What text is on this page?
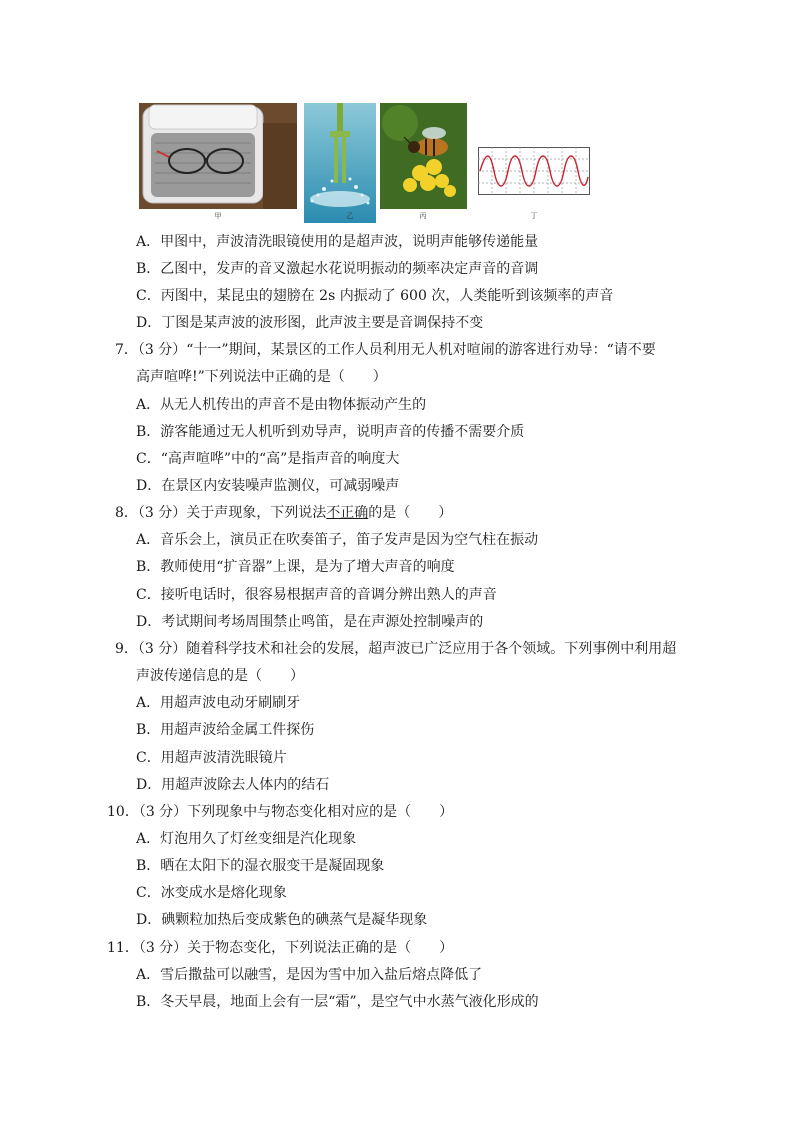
甲	乙	丙	丁
A．甲图中，声波清洗眼镜使用的是超声波，说明声能够传递能量
B．乙图中，发声的音叉激起水花说明振动的频率决定声音的音调
C．丙图中，某昆虫的翅膀在 2s 内振动了 600 次，人类能听到该频率的声音
D．丁图是某声波的波形图，此声波主要是音调保持不变
7．（3 分）“十一”期间，某景区的工作人员利用无人机对喧闹的游客进行劝导：“请不要
高声喧哗!”下列说法中正确的是（　　）
A．从无人机传出的声音不是由物体振动产生的
B．游客能通过无人机听到劝导声，说明声音的传播不需要介质
C．“高声喧哗”中的“高”是指声音的响度大
D．在景区内安装噪声监测仪，可减弱噪声
8．（3 分）关于声现象，下列说法不正确的是（　　）
A．音乐会上，演员正在吹奏笛子，笛子发声是因为空气柱在振动
B．教师使用“扩音器”上课，是为了增大声音的响度
C．接听电话时，很容易根据声音的音调分辨出熟人的声音
D．考试期间考场周围禁止鸣笛，是在声源处控制噪声的
9．（3 分）随着科学技术和社会的发展，超声波已广泛应用于各个领域。下列事例中利用超
声波传递信息的是（　　）
A．用超声波电动牙刷刷牙
B．用超声波给金属工件探伤
C．用超声波清洗眼镜片
D．用超声波除去人体内的结石
10．（3 分）下列现象中与物态变化相对应的是（　　）
A．灯泡用久了灯丝变细是汽化现象
B．晒在太阳下的湿衣服变干是凝固现象
C．冰变成水是熔化现象
D．碘颗粒加热后变成紫色的碘蒸气是凝华现象
11．（3 分）关于物态变化，下列说法正确的是（　　）
A．雪后撒盐可以融雪，是因为雪中加入盐后熔点降低了
B．冬天早晨，地面上会有一层“霜”，是空气中水蒸气液化形成的
